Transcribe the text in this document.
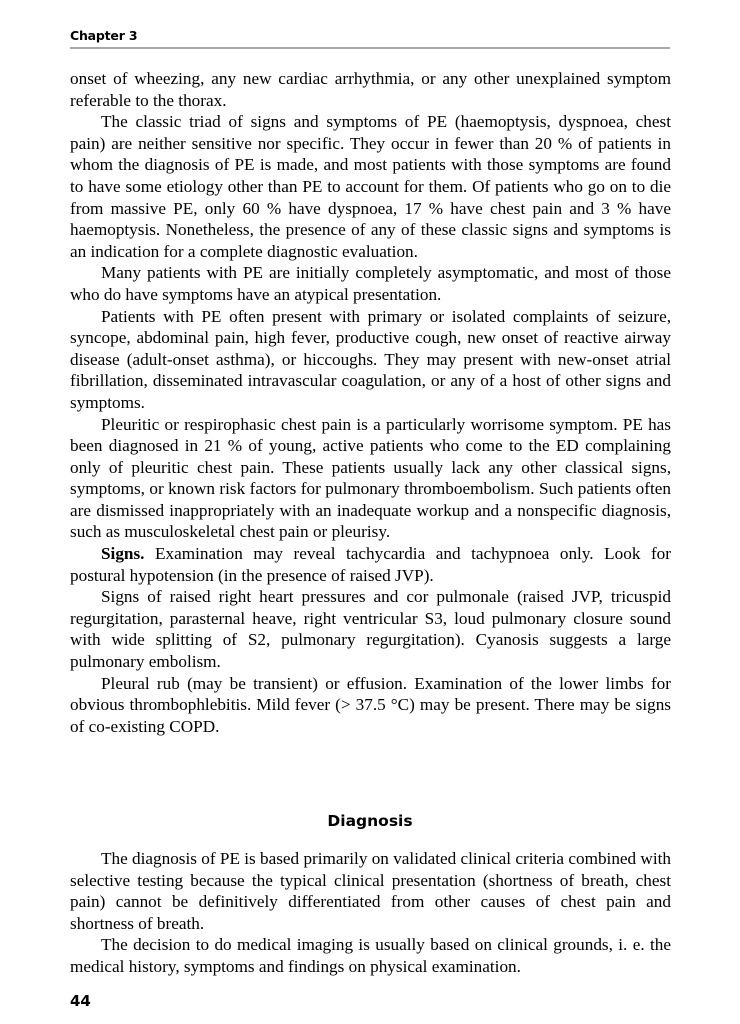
Chapter 3

onset of wheezing, any new cardiac arrhythmia, or any other unexplained symptom referable to the thorax.

The classic triad of signs and symptoms of PE (haemoptysis, dyspnoea, chest pain) are neither sensitive nor specific. They occur in fewer than 20 % of patients in whom the diagnosis of PE is made, and most patients with those symptoms are found to have some etiology other than PE to account for them. Of patients who go on to die from massive PE, only 60 % have dyspnoea, 17 % have chest pain and 3 % have haemoptysis. Nonetheless, the presence of any of these classic signs and symptoms is an indication for a complete diagnostic evaluation.

Many patients with PE are initially completely asymptomatic, and most of those who do have symptoms have an atypical presentation.

Patients with PE often present with primary or isolated complaints of seizure, syncope, abdominal pain, high fever, productive cough, new onset of reactive airway disease (adult-onset asthma), or hiccoughs. They may present with new-onset atrial fibrillation, disseminated intravascular coagulation, or any of a host of other signs and symptoms.

Pleuritic or respirophasic chest pain is a particularly worrisome symptom. PE has been diagnosed in 21 % of young, active patients who come to the ED complaining only of pleuritic chest pain. These patients usually lack any other classical signs, symptoms, or known risk factors for pulmonary thromboembolism. Such patients often are dismissed inappropriately with an inadequate workup and a nonspecific diagnosis, such as musculoskeletal chest pain or pleurisy.

Signs. Examination may reveal tachycardia and tachypnoea only. Look for postural hypotension (in the presence of raised JVP).

Signs of raised right heart pressures and cor pulmonale (raised JVP, tricuspid regurgitation, parasternal heave, right ventricular S3, loud pulmonary closure sound with wide splitting of S2, pulmonary regurgitation). Cyanosis suggests a large pulmonary embolism.

Pleural rub (may be transient) or effusion. Examination of the lower limbs for obvious thrombophlebitis. Mild fever (> 37.5 °C) may be present. There may be signs of co-existing COPD.

Diagnosis

The diagnosis of PE is based primarily on validated clinical criteria combined with selective testing because the typical clinical presentation (shortness of breath, chest pain) cannot be definitively differentiated from other causes of chest pain and shortness of breath.

The decision to do medical imaging is usually based on clinical grounds, i. e. the medical history, symptoms and findings on physical examination.

44
